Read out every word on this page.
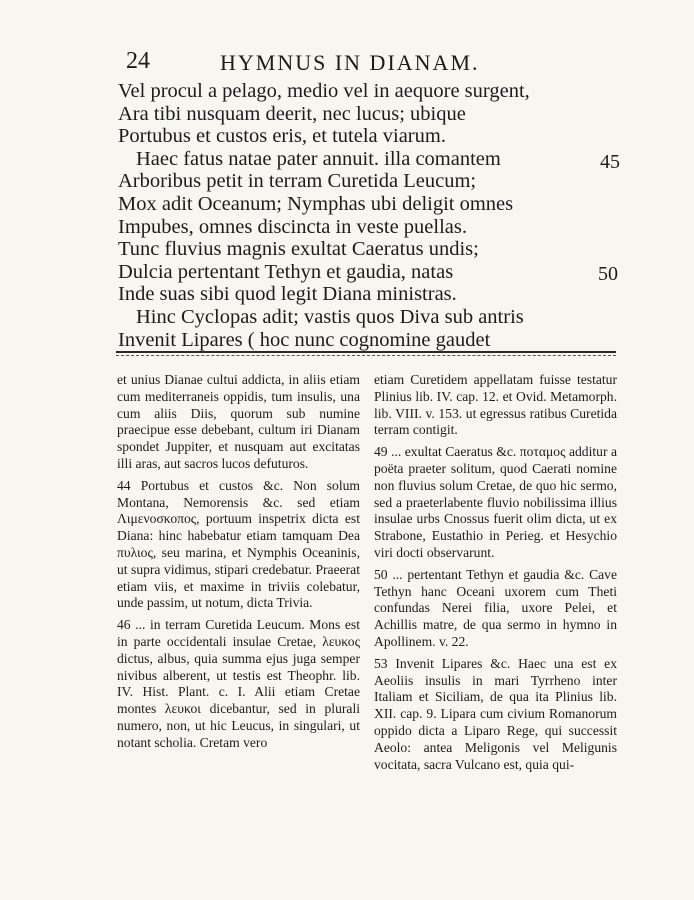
24	HYMNUS IN DIANAM.
Vel procul a pelago, medio vel in aequore surgent,
Ara tibi nusquam deerit, nec lucus; ubique
Portubus et custos eris, et tutela viarum.
Haec fatus natae pater annuit. illa comantem
Arboribus petit in terram Curetida Leucum;
Mox adit Oceanum; Nymphas ubi deligit omnes
Impubes, omnes discincta in veste puellas.
Tunc fluvius magnis exultat Caeratus undis;
Dulcia pertentant Tethyn et gaudia, natas
Inde suas sibi quod legit Diana ministras.
Hinc Cyclopas adit; vastis quos Diva sub antris
Invenit Lipares ( hoc nunc cognomine gaudet
45
50

et unius Dianae cultui addicta, in aliis etiam cum mediterraneis oppidis, tum insulis, una cum aliis Diis, quorum sub numine praecipue esse debebant, cultum iri Dianam spondet Juppiter, et nusquam aut excitatas illi aras, aut sacros lucos defuturos.

44 Portubus et custos &c. Non solum Montana, Nemorensis &c. sed etiam Λιμενοσκοπος, portuum inspetrix dicta est Diana: hinc habebatur etiam tamquam Dea πυλιος, seu marina, et Nymphis Oceaninis, ut supra vidimus, stipari credebatur. Praeerat etiam viis, et maxime in triviis colebatur, unde passim, ut notum, dicta Trivia.

46 ... in terram Curetida Leucum. Mons est in parte occidentali insulae Cretae, λευκος dictus, albus, quia summa ejus juga semper nivibus alberent, ut testis est Theophr. lib. IV. Hist. Plant. c. I. Alii etiam Cretae montes λευκοι dicebantur, sed in plurali numero, non, ut hic Leucus, in singulari, ut notant scholia. Cretam vero

etiam Curetidem appellatam fuisse testatur Plinius lib. IV. cap. 12. et Ovid. Metamorph. lib. VIII. v. 153. ut egressus ratibus Curetida terram contigit.

49 ... exultat Caeratus &c. ποταμος additur a poëta praeter solitum, quod Caerati nomine non fluvius solum Cretae, de quo hic sermo, sed a praeterlabente fluvio nobilissima illius insulae urbs Cnossus fuerit olim dicta, ut ex Strabone, Eustathio in Perieg. et Hesychio viri docti observarunt.

50 ... pertentant Tethyn et gaudia &c. Cave Tethyn hanc Oceani uxorem cum Theti confundas Nerei filia, uxore Pelei, et Achillis matre, de qua sermo in hymno in Apollinem. v. 22.

53 Invenit Lipares &c. Haec una est ex Aeoliis insulis in mari Tyrrheno inter Italiam et Siciliam, de qua ita Plinius lib. XII. cap. 9. Lipara cum civium Romanorum oppido dicta a Liparo Rege, qui successit Aeolo: antea Meligonis vel Meligunis vocitata, sacra Vulcano est, quia qui-
